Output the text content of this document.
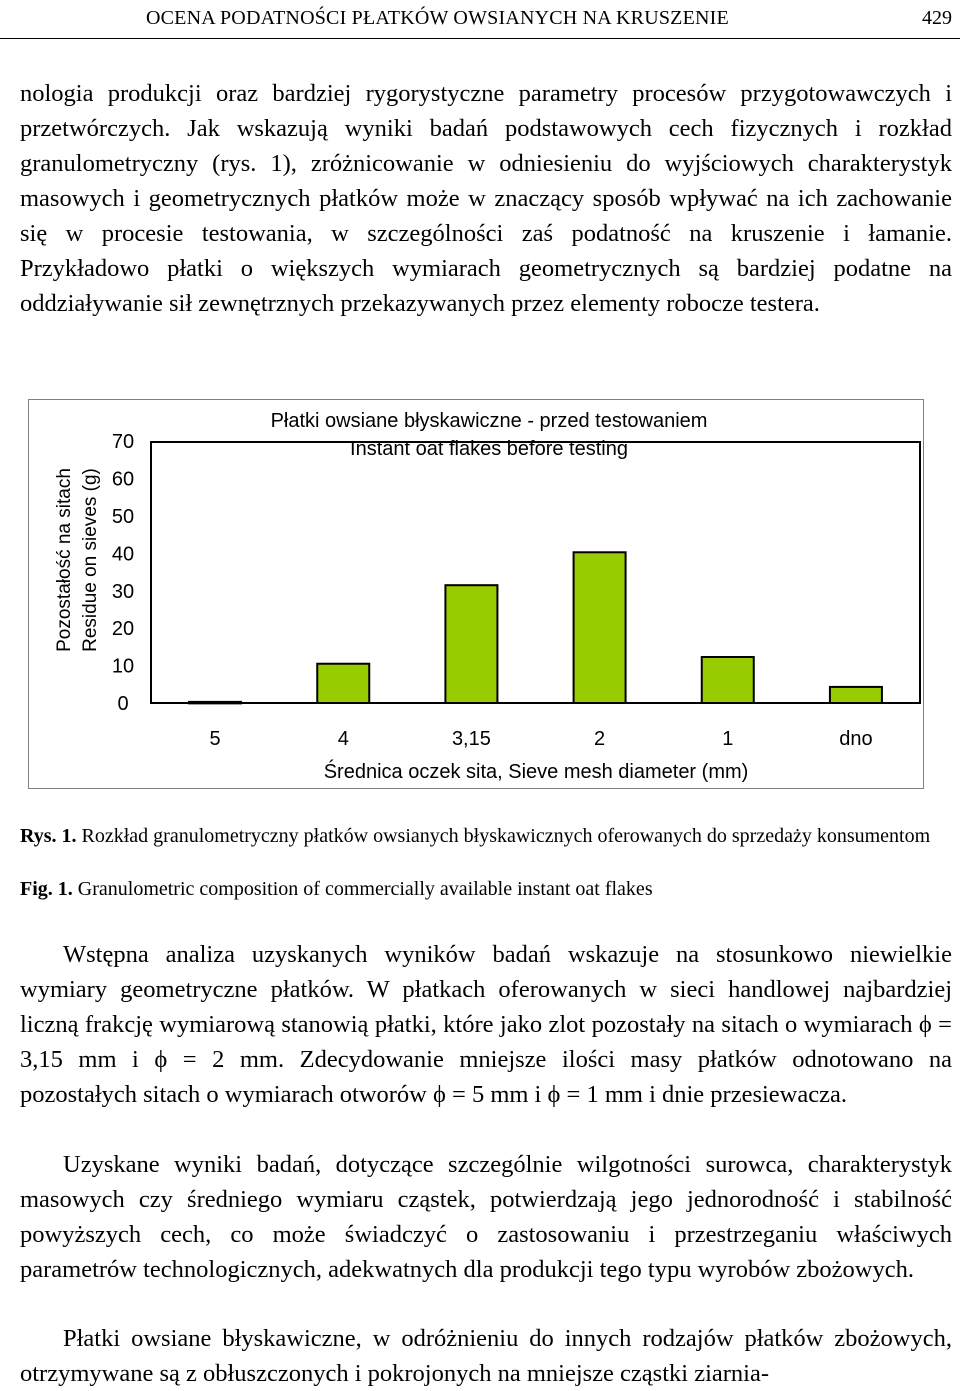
OCENA PODATNOŚCI PŁATKÓW OWSIANYCH NA KRUSZENIE	429

nologia produkcji oraz bardziej rygorystyczne parametry procesów przygotowawczych i przetwórczych. Jak wskazują wyniki badań podstawowych cech fizycznych i rozkład granulometryczny (rys. 1), zróżnicowanie w odniesieniu do wyjściowych charakterystyk masowych i geometrycznych płatków może w znaczący sposób wpływać na ich zachowanie się w procesie testowania, w szczególności zaś podatność na kruszenie i łamanie. Przykładowo płatki o większych wymiarach geometrycznych są bardziej podatne na oddziaływanie sił zewnętrznych przekazywanych przez elementy robocze testera.

Płatki owsiane błyskawiczne - przed testowaniem
Instant oat flakes before testing
Pozostałość na sitach Residue on sieves (g)
0
10
20
30
40
50
60
70
5	4	3,15	2	1	dno
Średnica oczek sita, Sieve mesh diameter (mm)

Rys. 1. Rozkład granulometryczny płatków owsianych błyskawicznych oferowanych do sprzedaży konsumentom

Fig. 1. Granulometric composition of commercially available instant oat flakes

Wstępna analiza uzyskanych wyników badań wskazuje na stosunkowo niewielkie wymiary geometryczne płatków. W płatkach oferowanych w sieci handlowej najbardziej liczną frakcję wymiarową stanowią płatki, które jako zlot pozostały na sitach o wymiarach ϕ = 3,15 mm i ϕ = 2 mm. Zdecydowanie mniejsze ilości masy płatków odnotowano na pozostałych sitach o wymiarach otworów ϕ = 5 mm i ϕ = 1 mm i dnie przesiewacza.

Uzyskane wyniki badań, dotyczące szczególnie wilgotności surowca, charakterystyk masowych czy średniego wymiaru cząstek, potwierdzają jego jednorodność i stabilność powyższych cech, co może świadczyć o zastosowaniu i przestrzeganiu właściwych parametrów technologicznych, adekwatnych dla produkcji tego typu wyrobów zbożowych.

Płatki owsiane błyskawiczne, w odróżnieniu do innych rodzajów płatków zbożowych, otrzymywane są z obłuszczonych i pokrojonych na mniejsze cząstki ziarnia-
